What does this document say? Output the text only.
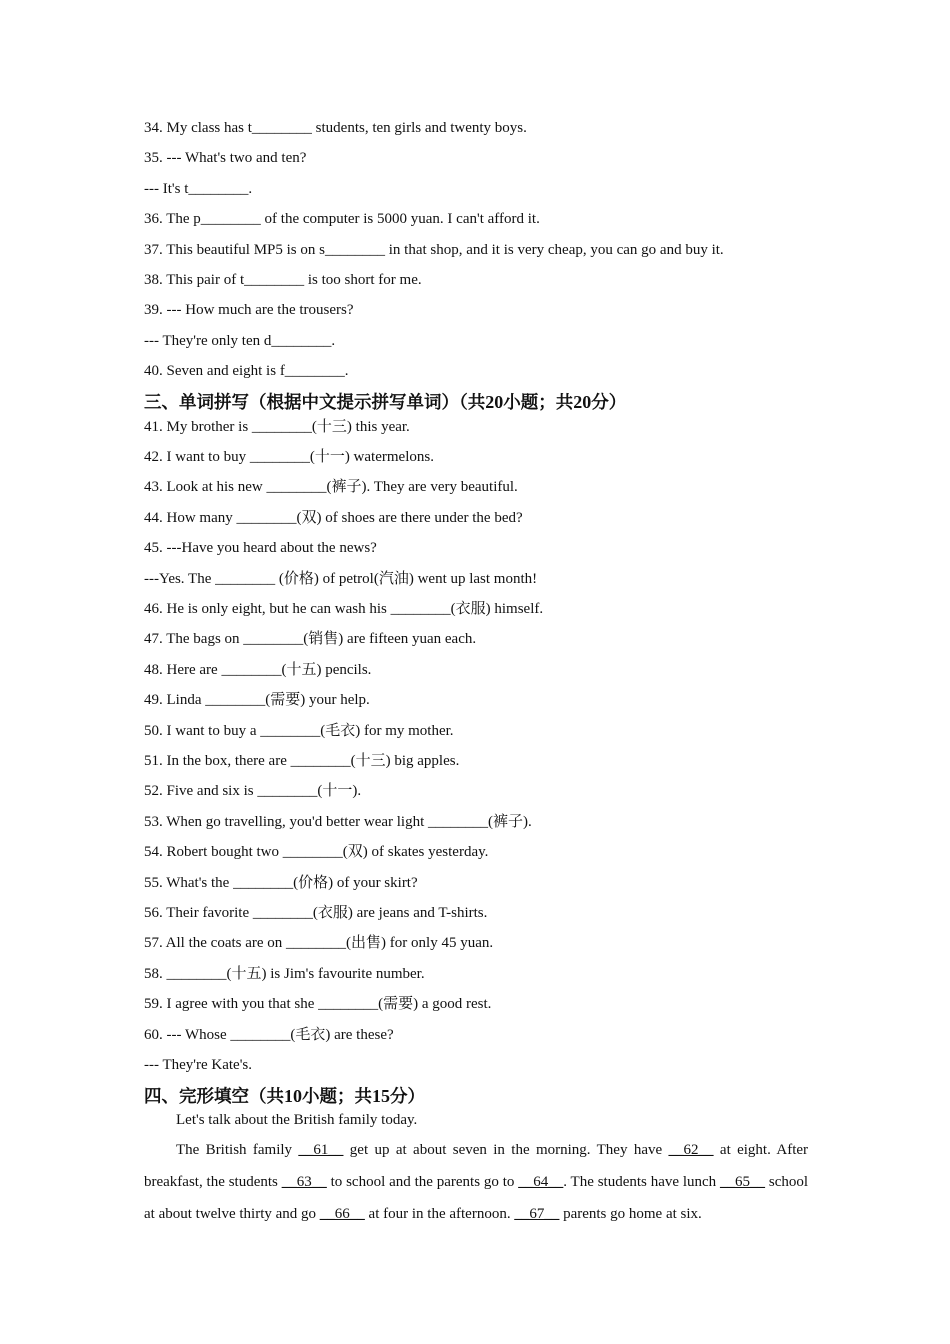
34. My class has t________ students, ten girls and twenty boys.
35. --- What's two and ten?
--- It's t________.
36. The p________ of the computer is 5000 yuan. I can't afford it.
37. This beautiful MP5 is on s________ in that shop, and it is very cheap, you can go and buy it.
38. This pair of t________ is too short for me.
39. --- How much are the trousers?
--- They're only ten d________.
40. Seven and eight is f________.
三、单词拼写（根据中文提示拼写单词）（共20小题；共20分）
41. My brother is ________(十三) this year.
42. I want to buy ________(十一) watermelons.
43. Look at his new ________(裤子). They are very beautiful.
44. How many ________(双) of shoes are there under the bed?
45. ---Have you heard about the news?
---Yes. The ________ (价格) of petrol(汽油) went up last month!
46. He is only eight, but he can wash his ________(衣服) himself.
47. The bags on ________(销售) are fifteen yuan each.
48. Here are ________(十五) pencils.
49. Linda ________(需要) your help.
50. I want to buy a ________(毛衣) for my mother.
51. In the box, there are ________(十三) big apples.
52. Five and six is ________(十一).
53. When go travelling, you'd better wear light ________(裤子).
54. Robert bought two ________(双) of skates yesterday.
55. What's the ________(价格) of your skirt?
56. Their favorite ________(衣服) are jeans and T-shirts.
57. All the coats are on ________(出售) for only 45 yuan.
58. ________(十五) is Jim's favourite number.
59. I agree with you that she ________(需要) a good rest.
60. --- Whose ________(毛衣) are these?
--- They're Kate's.
四、完形填空（共10小题；共15分）
Let's talk about the British family today.
The British family __61__ get up at about seven in the morning. They have __62__ at eight. After breakfast, the students __63__ to school and the parents go to __64__. The students have lunch __65__ school at about twelve thirty and go __66__ at four in the afternoon. __67__ parents go home at six.
